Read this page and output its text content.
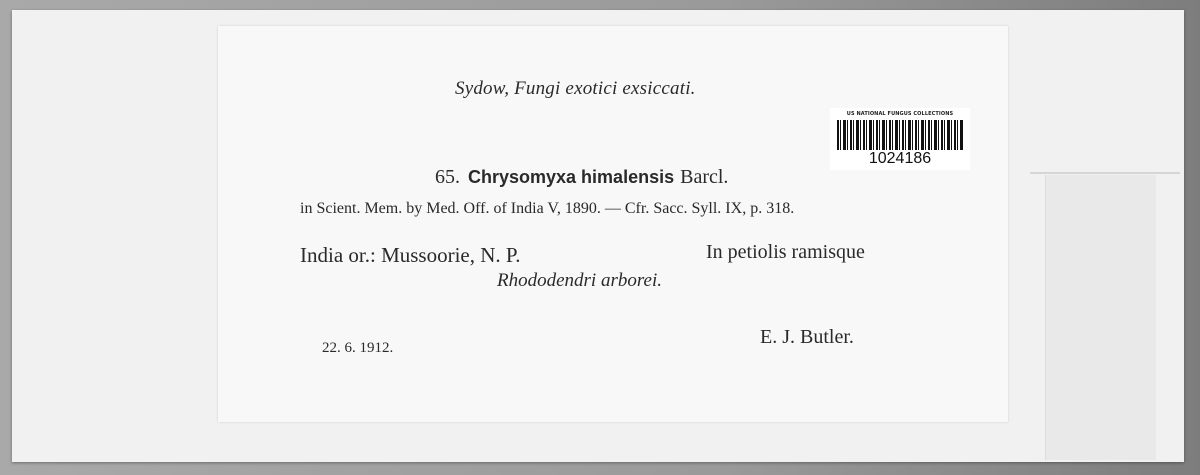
Sydow, Fungi exotici exsiccati.
65. Chrysomyxa himalensis Barcl.
in Scient. Mem. by Med. Off. of India V, 1890. — Cfr. Sacc. Syll. IX, p. 318.
India or.: Mussoorie, N. P.	In petiolis ramisque
Rhododendri arborei.
22. 6. 1912.	E. J. Butler.
US NATIONAL FUNGUS COLLECTIONS
1024186
